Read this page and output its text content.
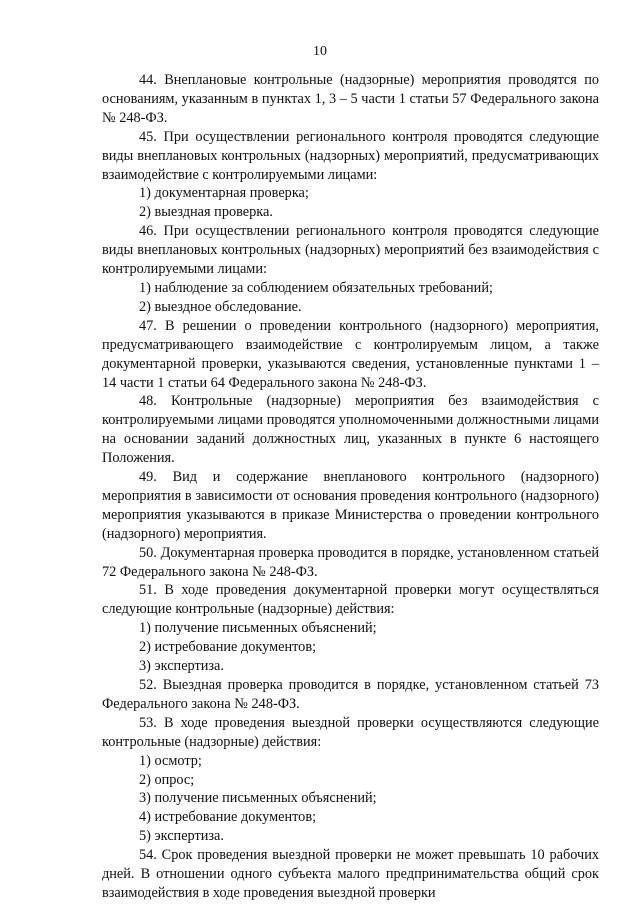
10

44. Внеплановые контрольные (надзорные) мероприятия проводятся по основаниям, указанным в пунктах 1, 3 – 5 части 1 статьи 57 Федерального закона № 248-ФЗ.

45. При осуществлении регионального контроля проводятся следующие виды внеплановых контрольных (надзорных) мероприятий, предусматривающих взаимодействие с контролируемыми лицами:

1) документарная проверка;

2) выездная проверка.

46. При осуществлении регионального контроля проводятся следующие виды внеплановых контрольных (надзорных) мероприятий без взаимодействия с контролируемыми лицами:

1) наблюдение за соблюдением обязательных требований;

2) выездное обследование.

47. В решении о проведении контрольного (надзорного) мероприятия, предусматривающего взаимодействие с контролируемым лицом, а также документарной проверки, указываются сведения, установленные пунктами 1 – 14 части 1 статьи 64 Федерального закона № 248-ФЗ.

48. Контрольные (надзорные) мероприятия без взаимодействия с контролируемыми лицами проводятся уполномоченными должностными лицами на основании заданий должностных лиц, указанных в пункте 6 настоящего Положения.

49. Вид и содержание внепланового контрольного (надзорного) мероприятия в зависимости от основания проведения контрольного (надзорного) мероприятия указываются в приказе Министерства о проведении контрольного (надзорного) мероприятия.

50. Документарная проверка проводится в порядке, установленном статьей 72 Федерального закона № 248-ФЗ.

51. В ходе проведения документарной проверки могут осуществляться следующие контрольные (надзорные) действия:

1) получение письменных объяснений;

2) истребование документов;

3) экспертиза.

52. Выездная проверка проводится в порядке, установленном статьей 73 Федерального закона № 248-ФЗ.

53. В ходе проведения выездной проверки осуществляются следующие контрольные (надзорные) действия:

1) осмотр;

2) опрос;

3) получение письменных объяснений;

4) истребование документов;

5) экспертиза.

54. Срок проведения выездной проверки не может превышать 10 рабочих дней. В отношении одного субъекта малого предпринимательства общий срок взаимодействия в ходе проведения выездной проверки
